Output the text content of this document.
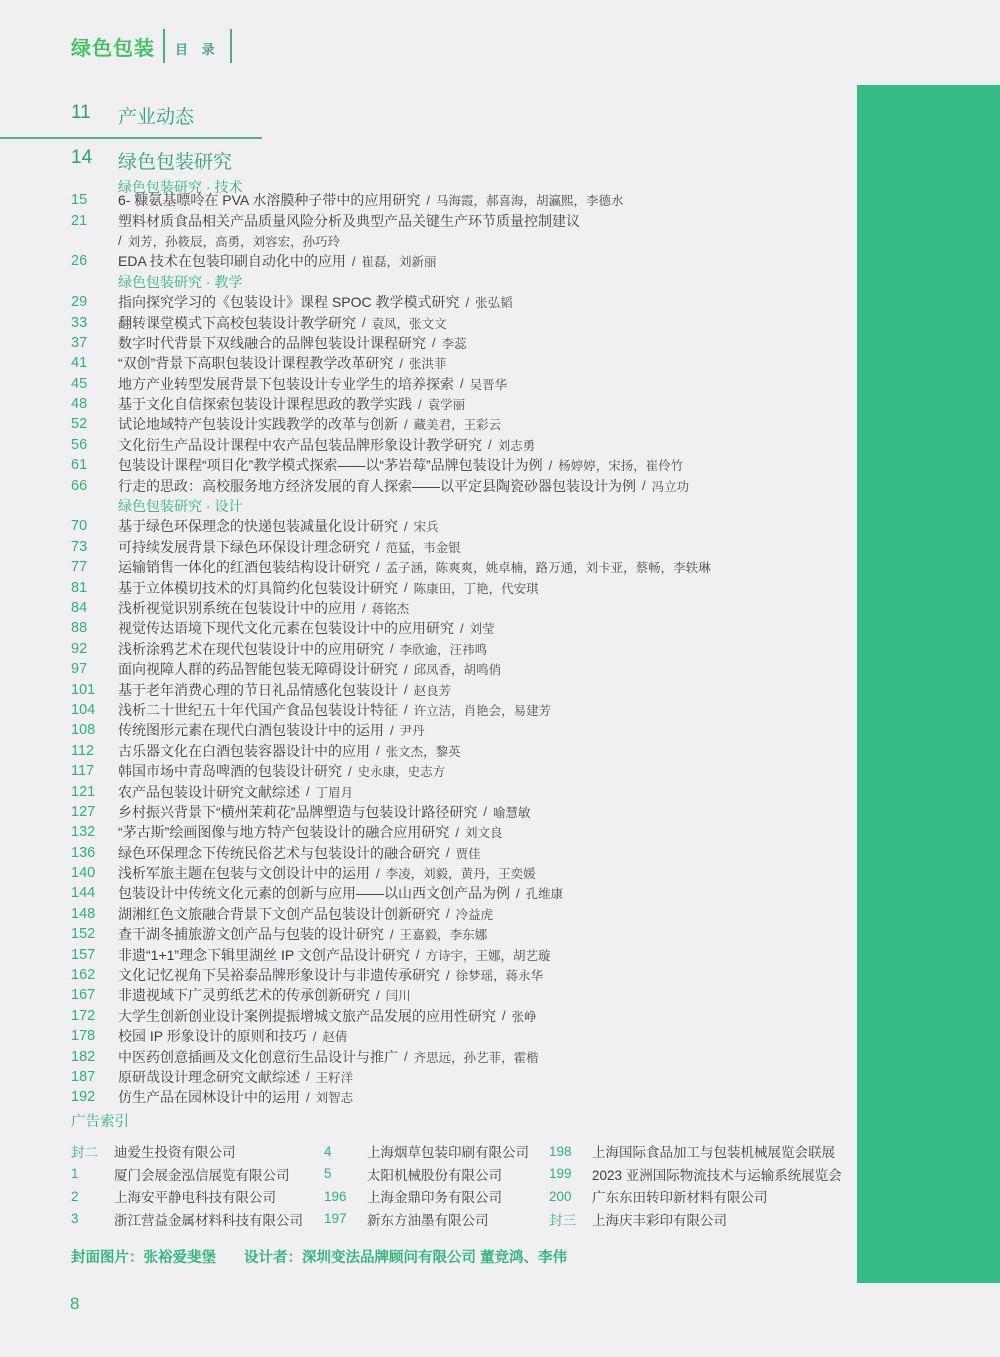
绿色包装 目 录
11	产业动态
14	绿色包装研究
绿色包装研究 · 技术
15	6- 糠氨基嘌呤在 PVA 水溶膜种子带中的应用研究 / 马海霞，郝喜海，胡瀛熙，李德水
21	塑料材质食品相关产品质量风险分析及典型产品关键生产环节质量控制建议
/ 刘芳，孙筱辰，高勇，刘容宏，孙巧玲
26	EDA 技术在包装印刷自动化中的应用 / 崔磊，刘新丽
绿色包装研究 · 教学
29	指向探究学习的《包装设计》课程 SPOC 教学模式研究 / 张弘韬
33	翻转课堂模式下高校包装设计教学研究 / 袁凤，张文文
37	数字时代背景下双线融合的品牌包装设计课程研究 / 李蕊
41	“双创”背景下高职包装设计课程教学改革研究 / 张洪菲
45	地方产业转型发展背景下包装设计专业学生的培养探索 / 吴晋华
48	基于文化自信探索包装设计课程思政的教学实践 / 袁学丽
52	试论地域特产包装设计实践教学的改革与创新 / 藏美君，王彩云
56	文化衍生产品设计课程中农产品包装品牌形象设计教学研究 / 刘志勇
61	包装设计课程“项目化”教学模式探索——以“茅岩莓”品牌包装设计为例 / 杨婷婷，宋扬，崔伶竹
66	行走的思政：高校服务地方经济发展的育人探索——以平定县陶瓷砂器包装设计为例 / 冯立功
绿色包装研究 · 设计
70	基于绿色环保理念的快递包装减量化设计研究 / 宋兵
73	可持续发展背景下绿色环保设计理念研究 / 范猛，韦金银
77	运输销售一体化的红酒包装结构设计研究 / 孟子涵，陈爽爽，姚卓楠，路万通，刘卡亚，蔡畅，李轶琳
81	基于立体模切技术的灯具简约化包装设计研究 / 陈康田，丁艳，代安琪
84	浅析视觉识别系统在包装设计中的应用 / 蒋铭杰
88	视觉传达语境下现代文化元素在包装设计中的应用研究 / 刘莹
92	浅析涂鸦艺术在现代包装设计中的应用研究 / 李欣逾，汪祎鸣
97	面向视障人群的药品智能包装无障碍设计研究 / 邱凤香，胡鸣俏
101	基于老年消费心理的节日礼品情感化包装设计 / 赵良芳
104	浅析二十世纪五十年代国产食品包装设计特征 / 许立洁，肖艳会，易建芳
108	传统图形元素在现代白酒包装设计中的运用 / 尹丹
112	古乐器文化在白酒包装容器设计中的应用 / 张文杰，黎英
117	韩国市场中青岛啤酒的包装设计研究 / 史永康，史志方
121	农产品包装设计研究文献综述 / 丁眉月
127	乡村振兴背景下“横州茉莉花”品牌塑造与包装设计路径研究 / 喻慧敏
132	“茅古斯”绘画图像与地方特产包装设计的融合应用研究 / 刘文良
136	绿色环保理念下传统民俗艺术与包装设计的融合研究 / 贾佳
140	浅析军旅主题在包装与文创设计中的运用 / 李凌，刘毅，黄丹，王奕媛
144	包装设计中传统文化元素的创新与应用——以山西文创产品为例 / 孔维康
148	湖湘红色文旅融合背景下文创产品包装设计创新研究 / 冷益虎
152	查干湖冬捕旅游文创产品与包装的设计研究 / 王嘉毅，李东娜
157	非遗“1+1”理念下辑里湖丝 IP 文创产品设计研究 / 方诗宇，王娜，胡艺璇
162	文化记忆视角下吴裕泰品牌形象设计与非遗传承研究 / 徐梦瑶，蒋永华
167	非遗视域下广灵剪纸艺术的传承创新研究 / 闫川
172	大学生创新创业设计案例提振增城文旅产品发展的应用性研究 / 张峥
178	校园 IP 形象设计的原则和技巧 / 赵倩
182	中医药创意插画及文化创意衍生品设计与推广 / 齐思远，孙艺菲，霍楷
187	原研哉设计理念研究文献综述 / 王籽洋
192	仿生产品在园林设计中的运用 / 刘智志
广告索引
封二	迪爱生投资有限公司
1	厦门会展金泓信展览有限公司
2	上海安平静电科技有限公司
3	浙江营益金属材料科技有限公司
4	上海烟草包装印刷有限公司
5	太阳机械股份有限公司
196	上海金鼎印务有限公司
197	新东方油墨有限公司
198	上海国际食品加工与包装机械展览会联展
199	2023 亚洲国际物流技术与运输系统展览会
200	广东东田转印新材料有限公司
封三	上海庆丰彩印有限公司
封面图片：张裕爱斐堡 设计者：深圳变法品牌顾问有限公司 董竞鸿、李伟
8
